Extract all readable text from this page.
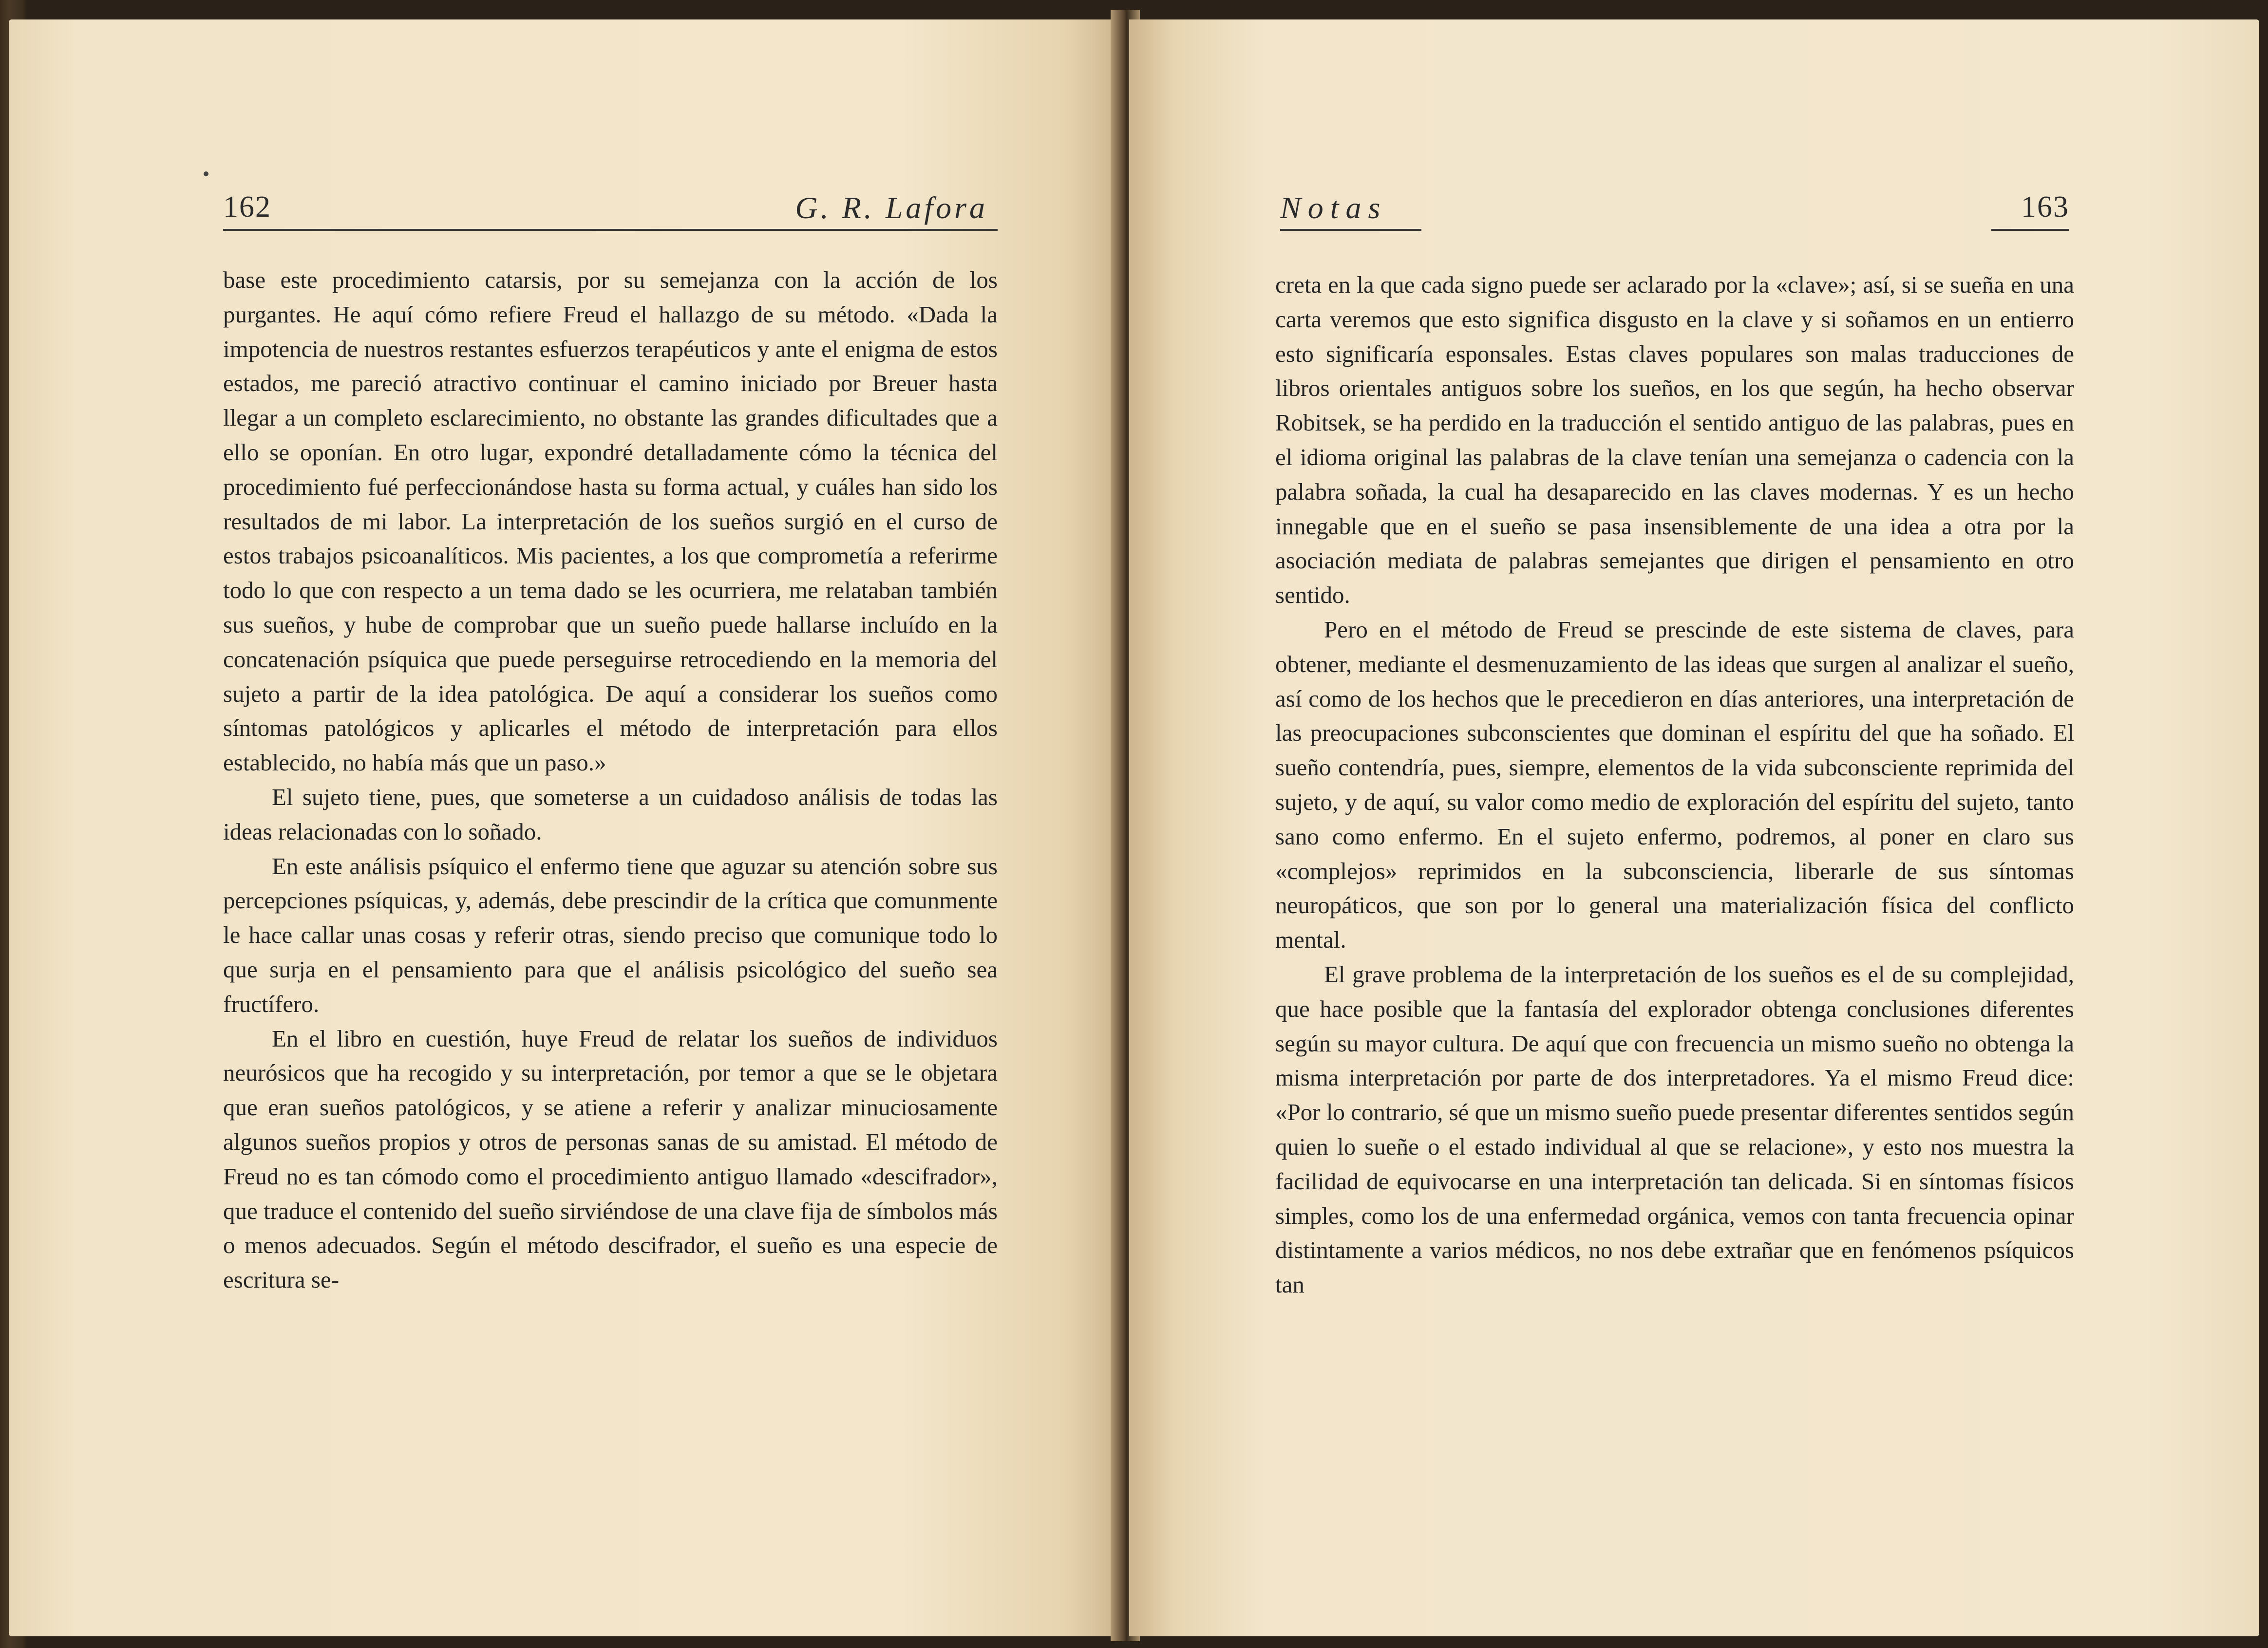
162	G. R. Lafora

base este procedimiento catarsis, por su semejanza con la acción de los purgantes. He aquí cómo refiere Freud el hallazgo de su método. «Dada la impotencia de nuestros restantes esfuerzos terapéuticos y ante el enigma de estos estados, me pareció atractivo continuar el camino iniciado por Breuer hasta llegar a un completo esclarecimiento, no obstante las grandes dificultades que a ello se oponían. En otro lugar, expondré detalladamente cómo la técnica del procedimiento fué perfeccionándose hasta su forma actual, y cuáles han sido los resultados de mi labor. La interpretación de los sueños surgió en el curso de estos trabajos psicoanalíticos. Mis pacientes, a los que comprometía a referirme todo lo que con respecto a un tema dado se les ocurriera, me relataban también sus sueños, y hube de comprobar que un sueño puede hallarse incluído en la concatenación psíquica que puede perseguirse retrocediendo en la memoria del sujeto a partir de la idea patológica. De aquí a considerar los sueños como síntomas patológicos y aplicarles el método de interpretación para ellos establecido, no había más que un paso.»

El sujeto tiene, pues, que someterse a un cuidadoso análisis de todas las ideas relacionadas con lo soñado.

En este análisis psíquico el enfermo tiene que aguzar su atención sobre sus percepciones psíquicas, y, además, debe prescindir de la crítica que comunmente le hace callar unas cosas y referir otras, siendo preciso que comunique todo lo que surja en el pensamiento para que el análisis psicológico del sueño sea fructífero.

En el libro en cuestión, huye Freud de relatar los sueños de individuos neurósicos que ha recogido y su interpretación, por temor a que se le objetara que eran sueños patológicos, y se atiene a referir y analizar minuciosamente algunos sueños propios y otros de personas sanas de su amistad. El método de Freud no es tan cómodo como el procedimiento antiguo llamado «descifrador», que traduce el contenido del sueño sirviéndose de una clave fija de símbolos más o menos adecuados. Según el método descifrador, el sueño es una especie de escritura se-

Notas	163

creta en la que cada signo puede ser aclarado por la «clave»; así, si se sueña en una carta veremos que esto significa disgusto en la clave y si soñamos en un entierro esto significaría esponsales. Estas claves populares son malas traducciones de libros orientales antiguos sobre los sueños, en los que según, ha hecho observar Robitsek, se ha perdido en la traducción el sentido antiguo de las palabras, pues en el idioma original las palabras de la clave tenían una semejanza o cadencia con la palabra soñada, la cual ha desaparecido en las claves modernas. Y es un hecho innegable que en el sueño se pasa insensiblemente de una idea a otra por la asociación mediata de palabras semejantes que dirigen el pensamiento en otro sentido.

Pero en el método de Freud se prescinde de este sistema de claves, para obtener, mediante el desmenuzamiento de las ideas que surgen al analizar el sueño, así como de los hechos que le precedieron en días anteriores, una interpretación de las preocupaciones subconscientes que dominan el espíritu del que ha soñado. El sueño contendría, pues, siempre, elementos de la vida subconsciente reprimida del sujeto, y de aquí, su valor como medio de exploración del espíritu del sujeto, tanto sano como enfermo. En el sujeto enfermo, podremos, al poner en claro sus «complejos» reprimidos en la subconsciencia, liberarle de sus síntomas neuropáticos, que son por lo general una materialización física del conflicto mental.

El grave problema de la interpretación de los sueños es el de su complejidad, que hace posible que la fantasía del explorador obtenga conclusiones diferentes según su mayor cultura. De aquí que con frecuencia un mismo sueño no obtenga la misma interpretación por parte de dos interpretadores. Ya el mismo Freud dice: «Por lo contrario, sé que un mismo sueño puede presentar diferentes sentidos según quien lo sueñe o el estado individual al que se relacione», y esto nos muestra la facilidad de equivocarse en una interpretación tan delicada. Si en síntomas físicos simples, como los de una enfermedad orgánica, vemos con tanta frecuencia opinar distintamente a varios médicos, no nos debe extrañar que en fenómenos psíquicos tan
